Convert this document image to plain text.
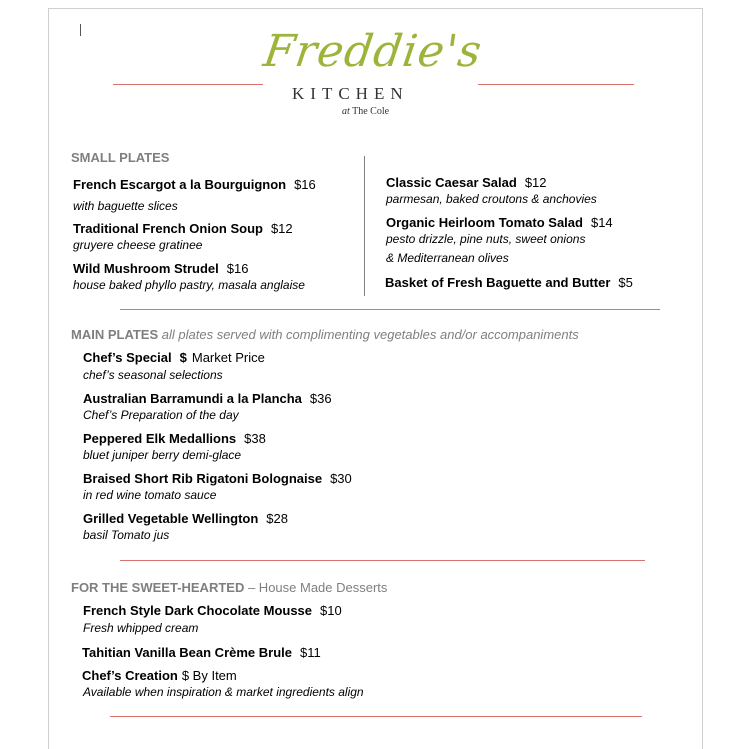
Freddie's
KITCHEN
at The Cole
SMALL PLATES
French Escargot a la Bourguignon $16
with baguette slices
Traditional French Onion Soup $12
gruyere cheese gratinee
Wild Mushroom Strudel $16
house baked phyllo pastry, masala anglaise
Classic Caesar Salad $12
parmesan, baked croutons & anchovies
Organic Heirloom Tomato Salad $14
pesto drizzle, pine nuts, sweet onions
& Mediterranean olives
Basket of Fresh Baguette and Butter $5
MAIN PLATES all plates served with complimenting vegetables and/or accompaniments
Chef’s Special $ Market Price
chef’s seasonal selections
Australian Barramundi a la Plancha $36
Chef’s Preparation of the day
Peppered Elk Medallions $38
bluet juniper berry demi-glace
Braised Short Rib Rigatoni Bolognaise $30
in red wine tomato sauce
Grilled Vegetable Wellington $28
basil Tomato jus
FOR THE SWEET-HEARTED – House Made Desserts
French Style Dark Chocolate Mousse $10
Fresh whipped cream
Tahitian Vanilla Bean Crème Brule $11
Chef’s Creation $ By Item
Available when inspiration & market ingredients align
